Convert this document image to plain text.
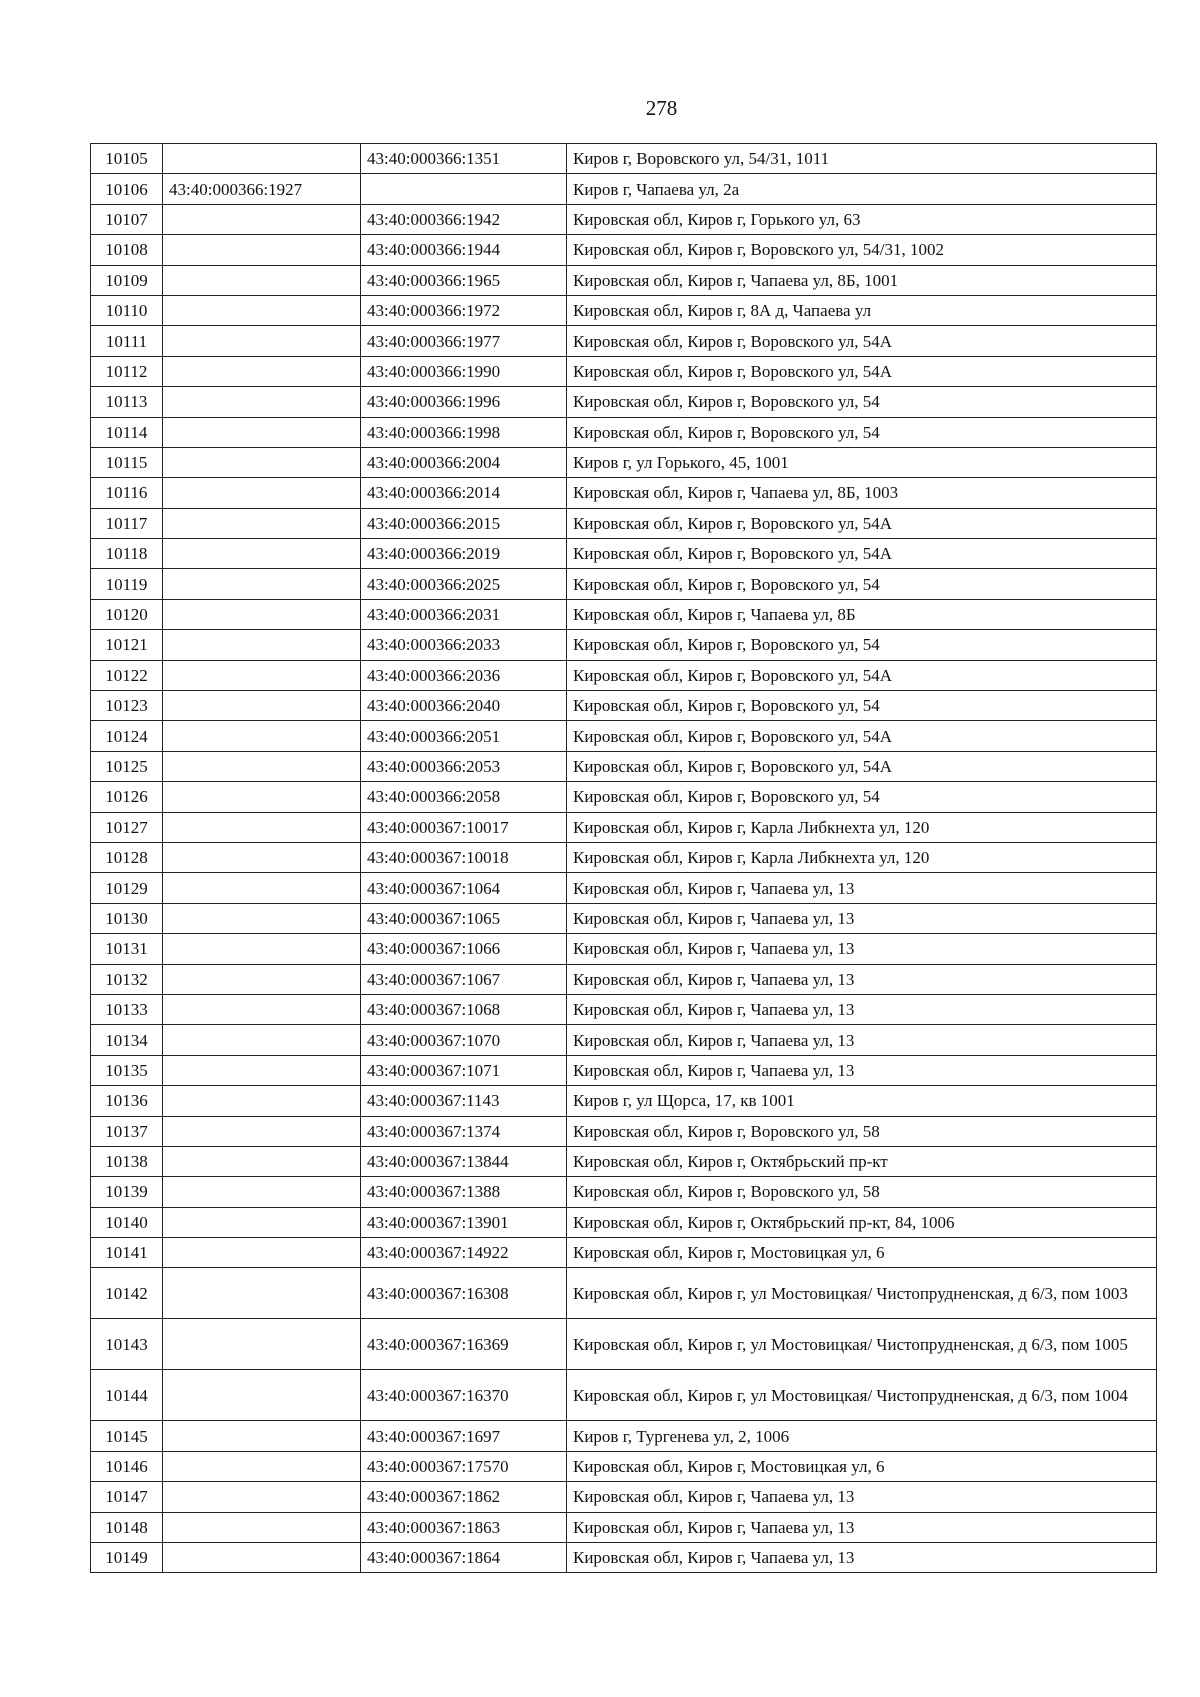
278
10105		43:40:000366:1351	Киров г, Воровского ул, 54/31, 1011
10106	43:40:000366:1927		Киров г, Чапаева ул, 2а
10107		43:40:000366:1942	Кировская обл, Киров г, Горького ул, 63
10108		43:40:000366:1944	Кировская обл, Киров г, Воровского ул, 54/31, 1002
10109		43:40:000366:1965	Кировская обл, Киров г, Чапаева ул, 8Б, 1001
10110		43:40:000366:1972	Кировская обл, Киров г, 8А д, Чапаева ул
10111		43:40:000366:1977	Кировская обл, Киров г, Воровского ул, 54А
10112		43:40:000366:1990	Кировская обл, Киров г, Воровского ул, 54А
10113		43:40:000366:1996	Кировская обл, Киров г, Воровского ул, 54
10114		43:40:000366:1998	Кировская обл, Киров г, Воровского ул, 54
10115		43:40:000366:2004	Киров г, ул Горького, 45, 1001
10116		43:40:000366:2014	Кировская обл, Киров г, Чапаева ул, 8Б, 1003
10117		43:40:000366:2015	Кировская обл, Киров г, Воровского ул, 54А
10118		43:40:000366:2019	Кировская обл, Киров г, Воровского ул, 54А
10119		43:40:000366:2025	Кировская обл, Киров г, Воровского ул, 54
10120		43:40:000366:2031	Кировская обл, Киров г, Чапаева ул, 8Б
10121		43:40:000366:2033	Кировская обл, Киров г, Воровского ул, 54
10122		43:40:000366:2036	Кировская обл, Киров г, Воровского ул, 54А
10123		43:40:000366:2040	Кировская обл, Киров г, Воровского ул, 54
10124		43:40:000366:2051	Кировская обл, Киров г, Воровского ул, 54А
10125		43:40:000366:2053	Кировская обл, Киров г, Воровского ул, 54А
10126		43:40:000366:2058	Кировская обл, Киров г, Воровского ул, 54
10127		43:40:000367:10017	Кировская обл, Киров г, Карла Либкнехта ул, 120
10128		43:40:000367:10018	Кировская обл, Киров г, Карла Либкнехта ул, 120
10129		43:40:000367:1064	Кировская обл, Киров г, Чапаева ул, 13
10130		43:40:000367:1065	Кировская обл, Киров г, Чапаева ул, 13
10131		43:40:000367:1066	Кировская обл, Киров г, Чапаева ул, 13
10132		43:40:000367:1067	Кировская обл, Киров г, Чапаева ул, 13
10133		43:40:000367:1068	Кировская обл, Киров г, Чапаева ул, 13
10134		43:40:000367:1070	Кировская обл, Киров г, Чапаева ул, 13
10135		43:40:000367:1071	Кировская обл, Киров г, Чапаева ул, 13
10136		43:40:000367:1143	Киров г, ул Щорса, 17, кв 1001
10137		43:40:000367:1374	Кировская обл, Киров г, Воровского ул, 58
10138		43:40:000367:13844	Кировская обл, Киров г, Октябрьский пр-кт
10139		43:40:000367:1388	Кировская обл, Киров г, Воровского ул, 58
10140		43:40:000367:13901	Кировская обл, Киров г, Октябрьский пр-кт, 84, 1006
10141		43:40:000367:14922	Кировская обл, Киров г, Мостовицкая ул, 6
10142		43:40:000367:16308	Кировская обл, Киров г, ул Мостовицкая/ Чистопрудненская, д 6/3, пом 1003
10143		43:40:000367:16369	Кировская обл, Киров г, ул Мостовицкая/ Чистопрудненская, д 6/3, пом 1005
10144		43:40:000367:16370	Кировская обл, Киров г, ул Мостовицкая/ Чистопрудненская, д 6/3, пом 1004
10145		43:40:000367:1697	Киров г, Тургенева ул, 2, 1006
10146		43:40:000367:17570	Кировская обл, Киров г, Мостовицкая ул, 6
10147		43:40:000367:1862	Кировская обл, Киров г, Чапаева ул, 13
10148		43:40:000367:1863	Кировская обл, Киров г, Чапаева ул, 13
10149		43:40:000367:1864	Кировская обл, Киров г, Чапаева ул, 13
